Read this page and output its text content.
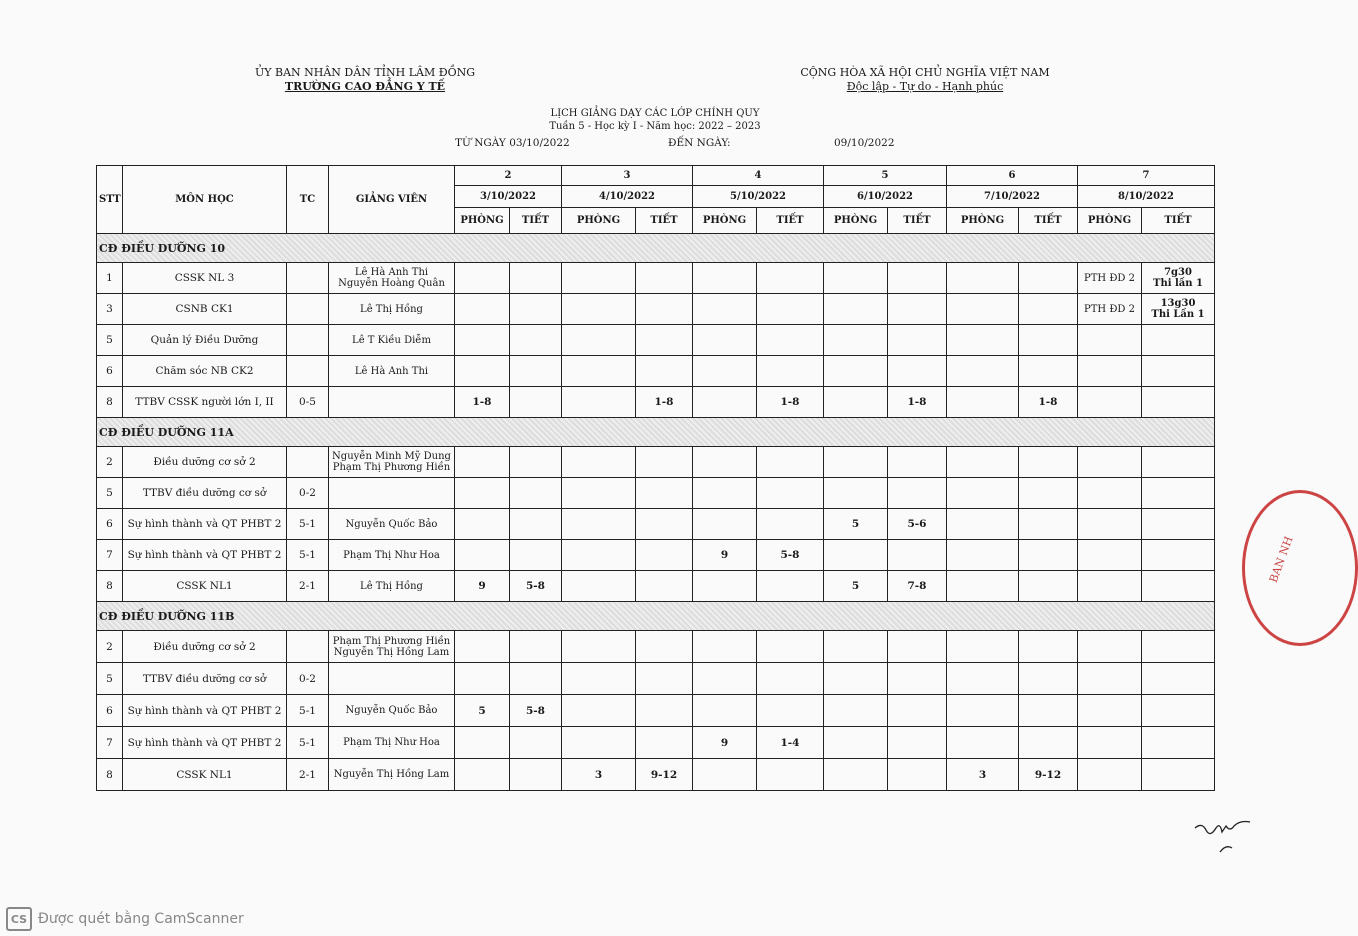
ỦY BAN NHÂN DÂN TỈNH LÂM ĐỒNG
TRƯỜNG CAO ĐẲNG Y TẾ
CỘNG HÒA XÃ HỘI CHỦ NGHĨA VIỆT NAM
Độc lập - Tự do - Hạnh phúc
LỊCH GIẢNG DẠY CÁC LỚP CHÍNH QUY
Tuần 5 - Học kỳ I - Năm học: 2022 – 2023
TỪ NGÀY 03/10/2022	ĐẾN NGÀY:	09/10/2022
STT	MÔN HỌC	TC	GIẢNG VIÊN	2		3		4		5		6		7	
				3/10/2022		4/10/2022		5/10/2022		6/10/2022		7/10/2022		8/10/2022	
				PHÒNG	TIẾT	PHÒNG	TIẾT	PHÒNG	TIẾT	PHÒNG	TIẾT	PHÒNG	TIẾT	PHÒNG	TIẾT
CĐ ĐIỀU DƯỠNG 10															
1	CSSK NL 3		Lê Hà Anh Thi
Nguyễn Hoàng Quân											PTH ĐD 2	7g30
Thi lần 1
3	CSNB CK1		Lê Thị Hồng											PTH ĐD 2	13g30
Thi Lần 1
5	Quản lý Điều Dưỡng		Lê T Kiều Diễm												
6	Chăm sóc NB CK2		Lê Hà Anh Thi												
8	TTBV CSSK người lớn I, II	0-5		1-8			1-8		1-8		1-8		1-8		
CĐ ĐIỀU DƯỠNG 11A															
2	Điều dưỡng cơ sở 2		Nguyễn Minh Mỹ Dung
Phạm Thị Phương Hiền												
5	TTBV điều dưỡng cơ sở	0-2													
6	Sự hình thành và QT PHBT 2	5-1	Nguyễn Quốc Bảo							5	5-6				
7	Sự hình thành và QT PHBT 2	5-1	Phạm Thị Như Hoa					9	5-8						
8	CSSK NL1	2-1	Lê Thị Hồng	9	5-8					5	7-8				
CĐ ĐIỀU DƯỠNG 11B															
2	Điều dưỡng cơ sở 2		Phạm Thị Phương Hiền
Nguyễn Thị Hồng Lam												
5	TTBV điều dưỡng cơ sở	0-2													
6	Sự hình thành và QT PHBT 2	5-1	Nguyễn Quốc Bảo	5	5-8										
7	Sự hình thành và QT PHBT 2	5-1	Phạm Thị Như Hoa					9	1-4						
8	CSSK NL1	2-1	Nguyễn Thị Hồng Lam			3	9-12					3	9-12		
BAN NH
CS Được quét bằng CamScanner
